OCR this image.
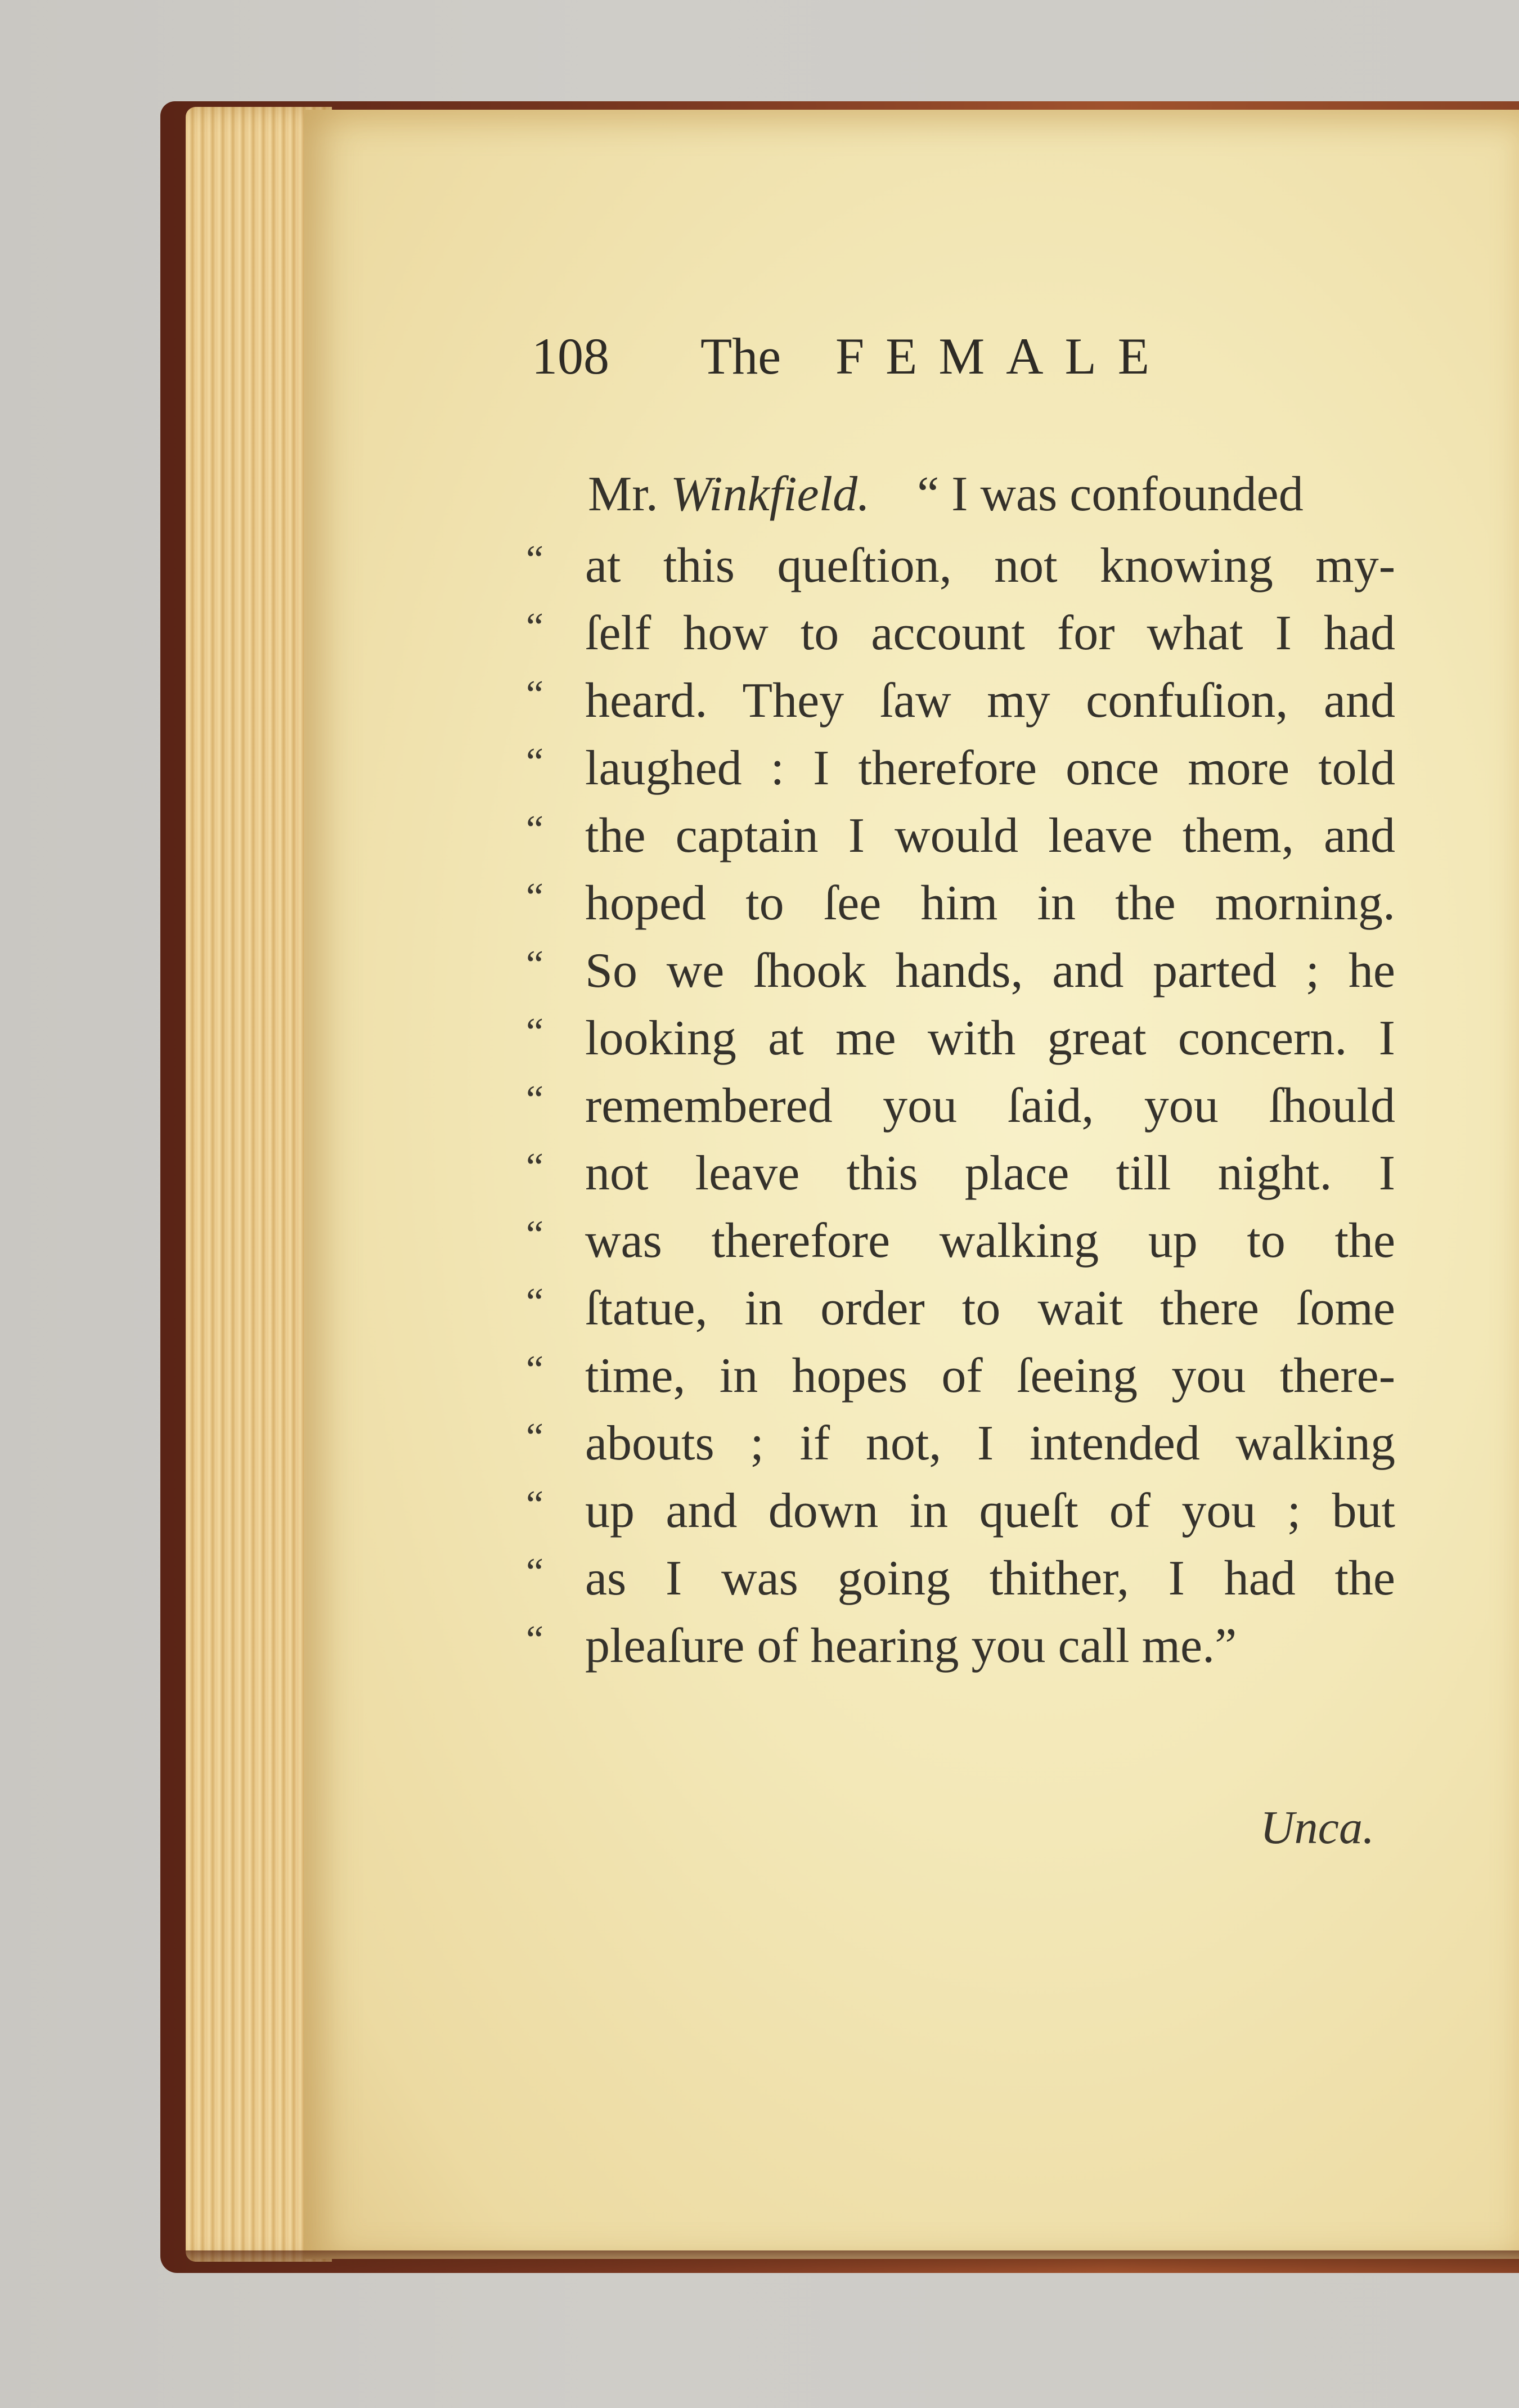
108 The FEMALE
Mr. Winkfield. “ I was confounded
“ at this queſtion, not knowing my-
“ ſelf how to account for what I had
“ heard. They ſaw my confuſion, and
“ laughed : I therefore once more told
“ the captain I would leave them, and
“ hoped to ſee him in the morning.
“ So we ſhook hands, and parted ; he
“ looking at me with great concern. I
“ remembered you ſaid, you ſhould
“ not leave this place till night. I
“ was therefore walking up to the
“ ſtatue, in order to wait there ſome
“ time, in hopes of ſeeing you there-
“ abouts ; if not, I intended walking
“ up and down in queſt of you ; but
“ as I was going thither, I had the
“ pleaſure of hearing you call me.”
Unca.
